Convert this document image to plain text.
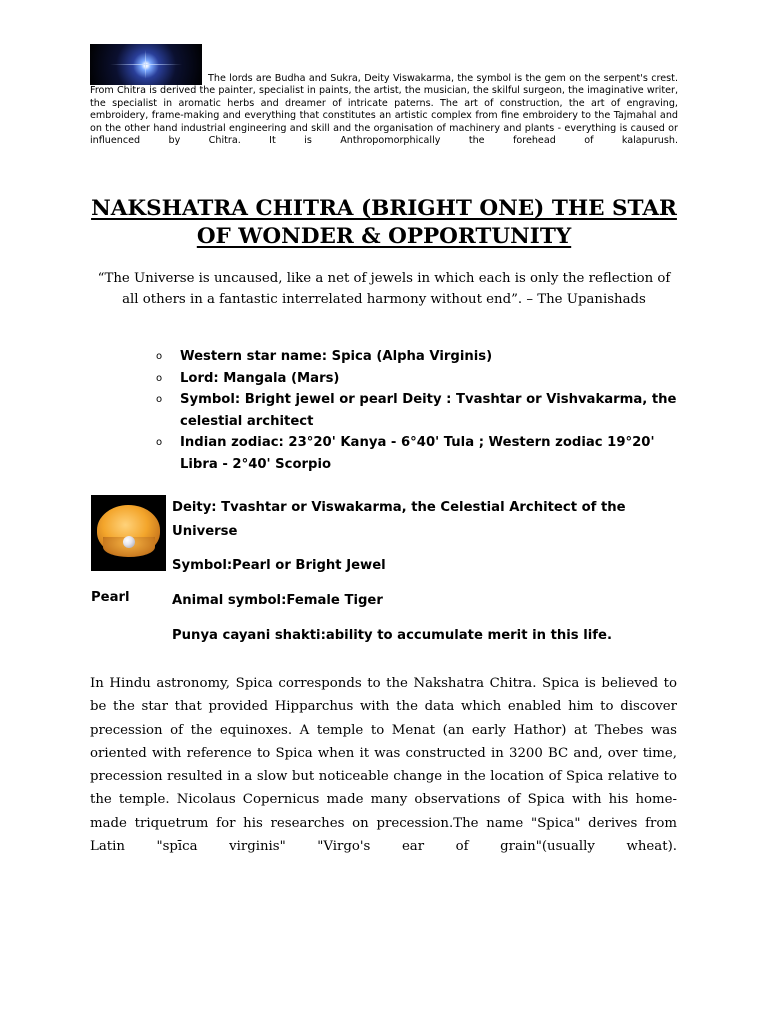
The lords are Budha and Sukra, Deity Viswakarma, the symbol is the gem on the serpent's crest. From Chitra is derived the painter, specialist in paints, the artist, the musician, the skilful surgeon, the imaginative writer, the specialist in aromatic herbs and dreamer of intricate paterns. The art of construction, the art of engraving, embroidery, frame-making and everything that constitutes an artistic complex from fine embroidery to the Tajmahal and on the other hand industrial engineering and skill and the organisation of machinery and plants - everything is caused or influenced by Chitra. It is Anthropomorphically the forehead of kalapurush.

NAKSHATRA CHITRA (BRIGHT ONE) THE STAR OF WONDER & OPPORTUNITY

“The Universe is uncaused, like a net of jewels in which each is only the reflection of all others in a fantastic interrelated harmony without end”. – The Upanishads

o Western star name: Spica (Alpha Virginis)
o Lord: Mangala (Mars)
o Symbol: Bright jewel or pearl Deity : Tvashtar or Vishvakarma, the celestial architect
o Indian zodiac: 23°20' Kanya - 6°40' Tula ; Western zodiac 19°20' Libra - 2°40' Scorpio

Pearl

Deity: Tvashtar or Viswakarma, the Celestial Architect of the Universe

Symbol:Pearl or Bright Jewel

Animal symbol:Female Tiger

Punya cayani shakti:ability to accumulate merit in this life.

In Hindu astronomy, Spica corresponds to the Nakshatra Chitra. Spica is believed to be the star that provided Hipparchus with the data which enabled him to discover precession of the equinoxes. A temple to Menat (an early Hathor) at Thebes was oriented with reference to Spica when it was constructed in 3200 BC and, over time, precession resulted in a slow but noticeable change in the location of Spica relative to the temple. Nicolaus Copernicus made many observations of Spica with his home-made triquetrum for his researches on precession.The name "Spica" derives from Latin "spīca virginis" "Virgo's ear of grain"(usually wheat).
